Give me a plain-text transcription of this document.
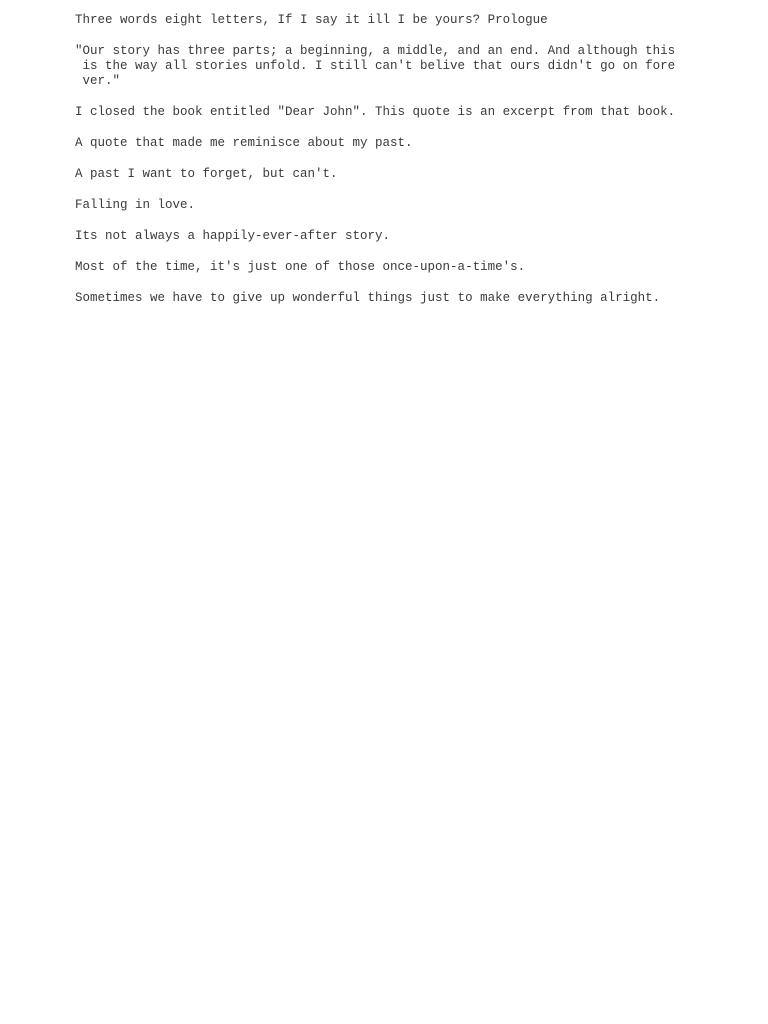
Three words eight letters, If I say it ill I be yours? Prologue

"Our story has three parts; a beginning, a middle, and an end. And although this
is the way all stories unfold. I still can't belive that ours didn't go on fore
ver."

I closed the book entitled "Dear John". This quote is an excerpt from that book.

A quote that made me reminisce about my past.

A past I want to forget, but can't.

Falling in love.

Its not always a happily-ever-after story.

Most of the time, it's just one of those once-upon-a-time's.

Sometimes we have to give up wonderful things just to make everything alright.
